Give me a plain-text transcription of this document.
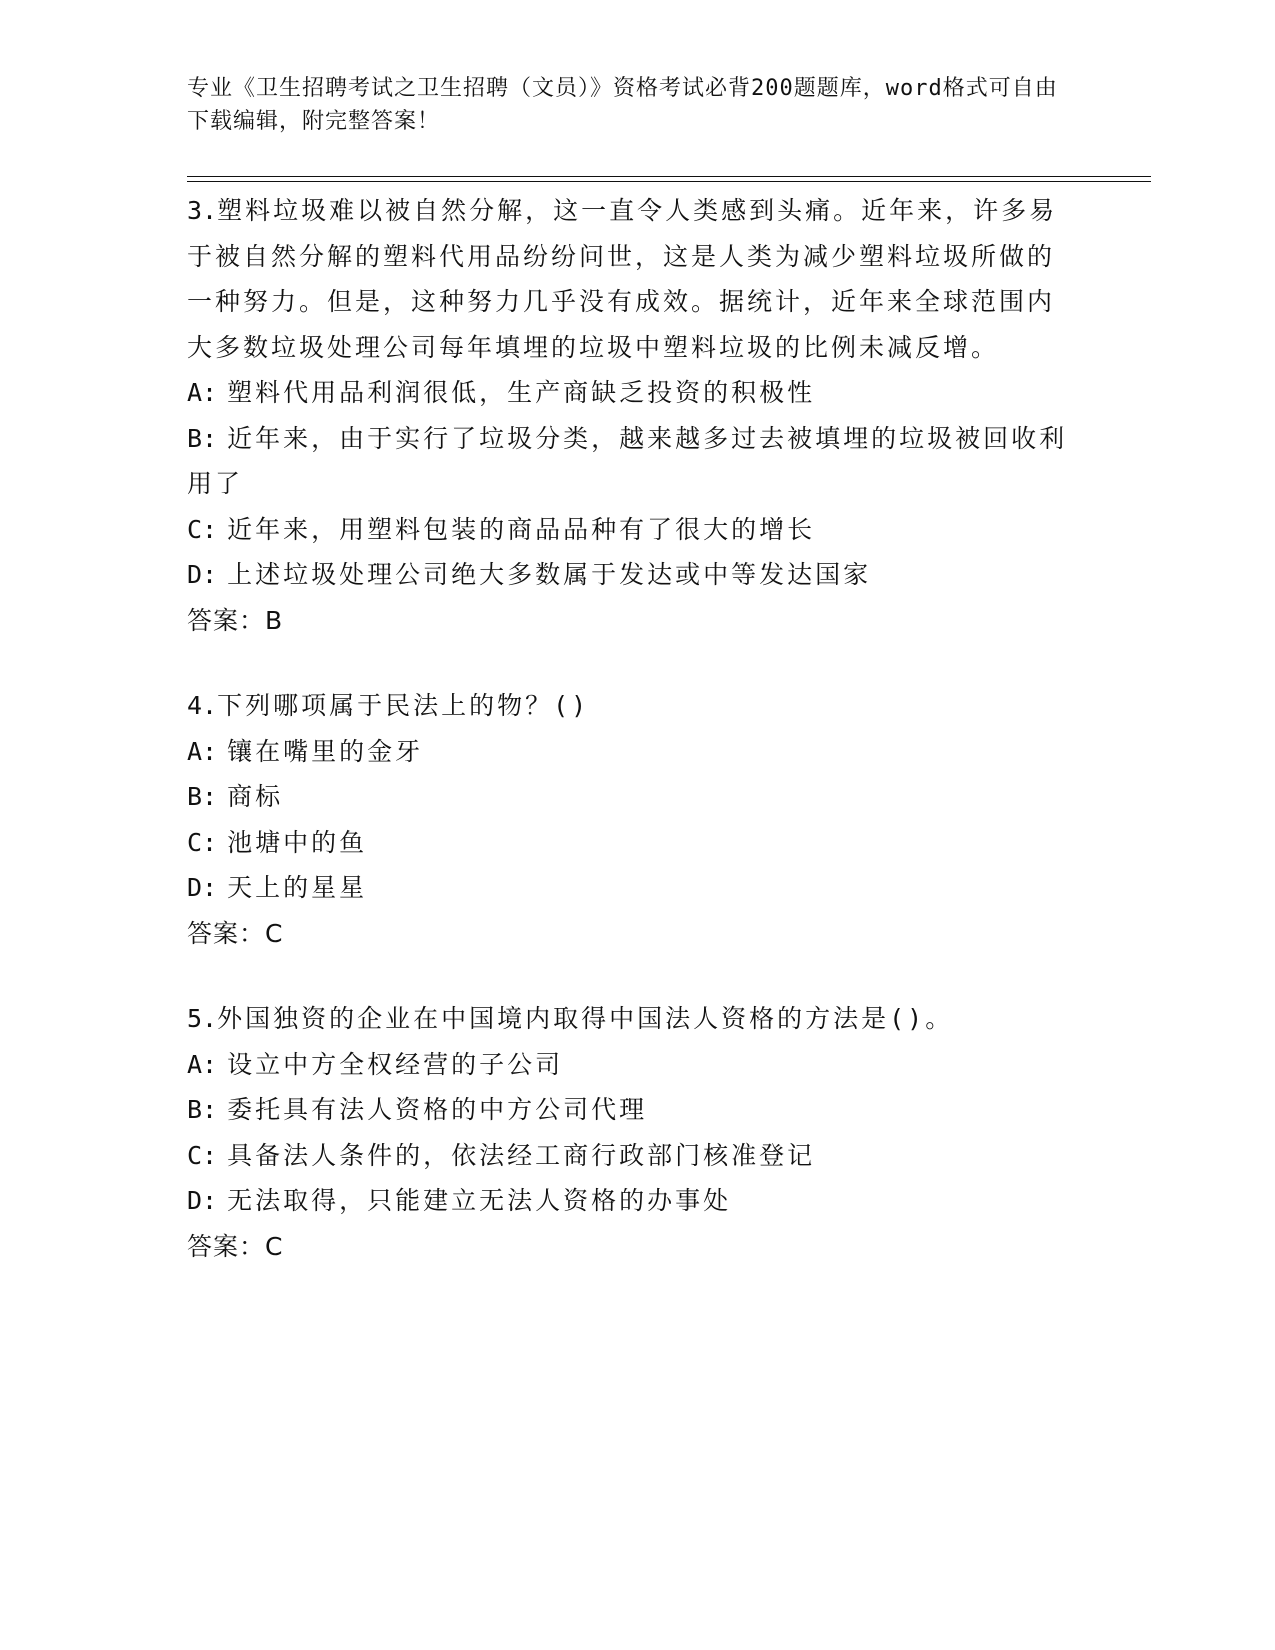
专业《卫生招聘考试之卫生招聘（文员）》资格考试必背200题题库，word格式可自由下载编辑，附完整答案！
3.塑料垃圾难以被自然分解，这一直令人类感到头痛。近年来，许多易于被自然分解的塑料代用品纷纷问世，这是人类为减少塑料垃圾所做的一种努力。但是，这种努力几乎没有成效。据统计，近年来全球范围内大多数垃圾处理公司每年填埋的垃圾中塑料垃圾的比例未减反增。
A: 塑料代用品利润很低，生产商缺乏投资的积极性
B: 近年来，由于实行了垃圾分类，越来越多过去被填埋的垃圾被回收利用了
C: 近年来，用塑料包装的商品品种有了很大的增长
D: 上述垃圾处理公司绝大多数属于发达或中等发达国家
答案：B
4.下列哪项属于民法上的物？()
A: 镶在嘴里的金牙
B: 商标
C: 池塘中的鱼
D: 天上的星星
答案：C
5.外国独资的企业在中国境内取得中国法人资格的方法是()。
A: 设立中方全权经营的子公司
B: 委托具有法人资格的中方公司代理
C: 具备法人条件的，依法经工商行政部门核准登记
D: 无法取得，只能建立无法人资格的办事处
答案：C
